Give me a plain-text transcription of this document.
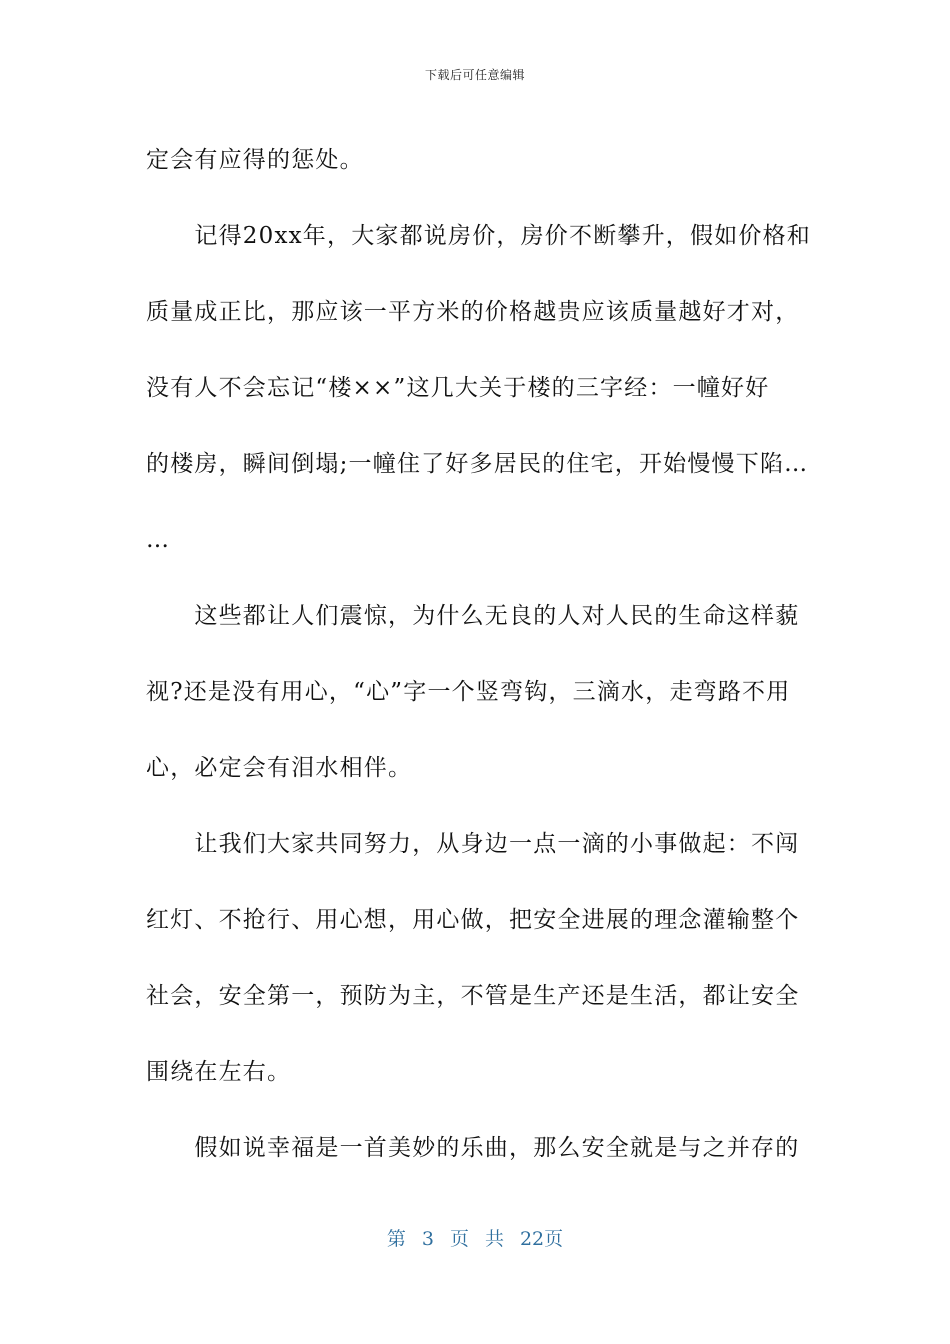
下载后可任意编辑
定会有应得的惩处。
　　记得20xx年，大家都说房价，房价不断攀升，假如价格和
质量成正比，那应该一平方米的价格越贵应该质量越好才对，
没有人不会忘记“楼××”这几大关于楼的三字经：一幢好好
的楼房，瞬间倒塌;一幢住了好多居民的住宅，开始慢慢下陷…
…
　　这些都让人们震惊，为什么无良的人对人民的生命这样藐
视?还是没有用心，“心”字一个竖弯钩，三滴水，走弯路不用
心，必定会有泪水相伴。
　　让我们大家共同努力，从身边一点一滴的小事做起：不闯
红灯、不抢行、用心想，用心做，把安全进展的理念灌输整个
社会，安全第一，预防为主，不管是生产还是生活，都让安全
围绕在左右。
　　假如说幸福是一首美妙的乐曲，那么安全就是与之并存的
第 3 页 共 22页
